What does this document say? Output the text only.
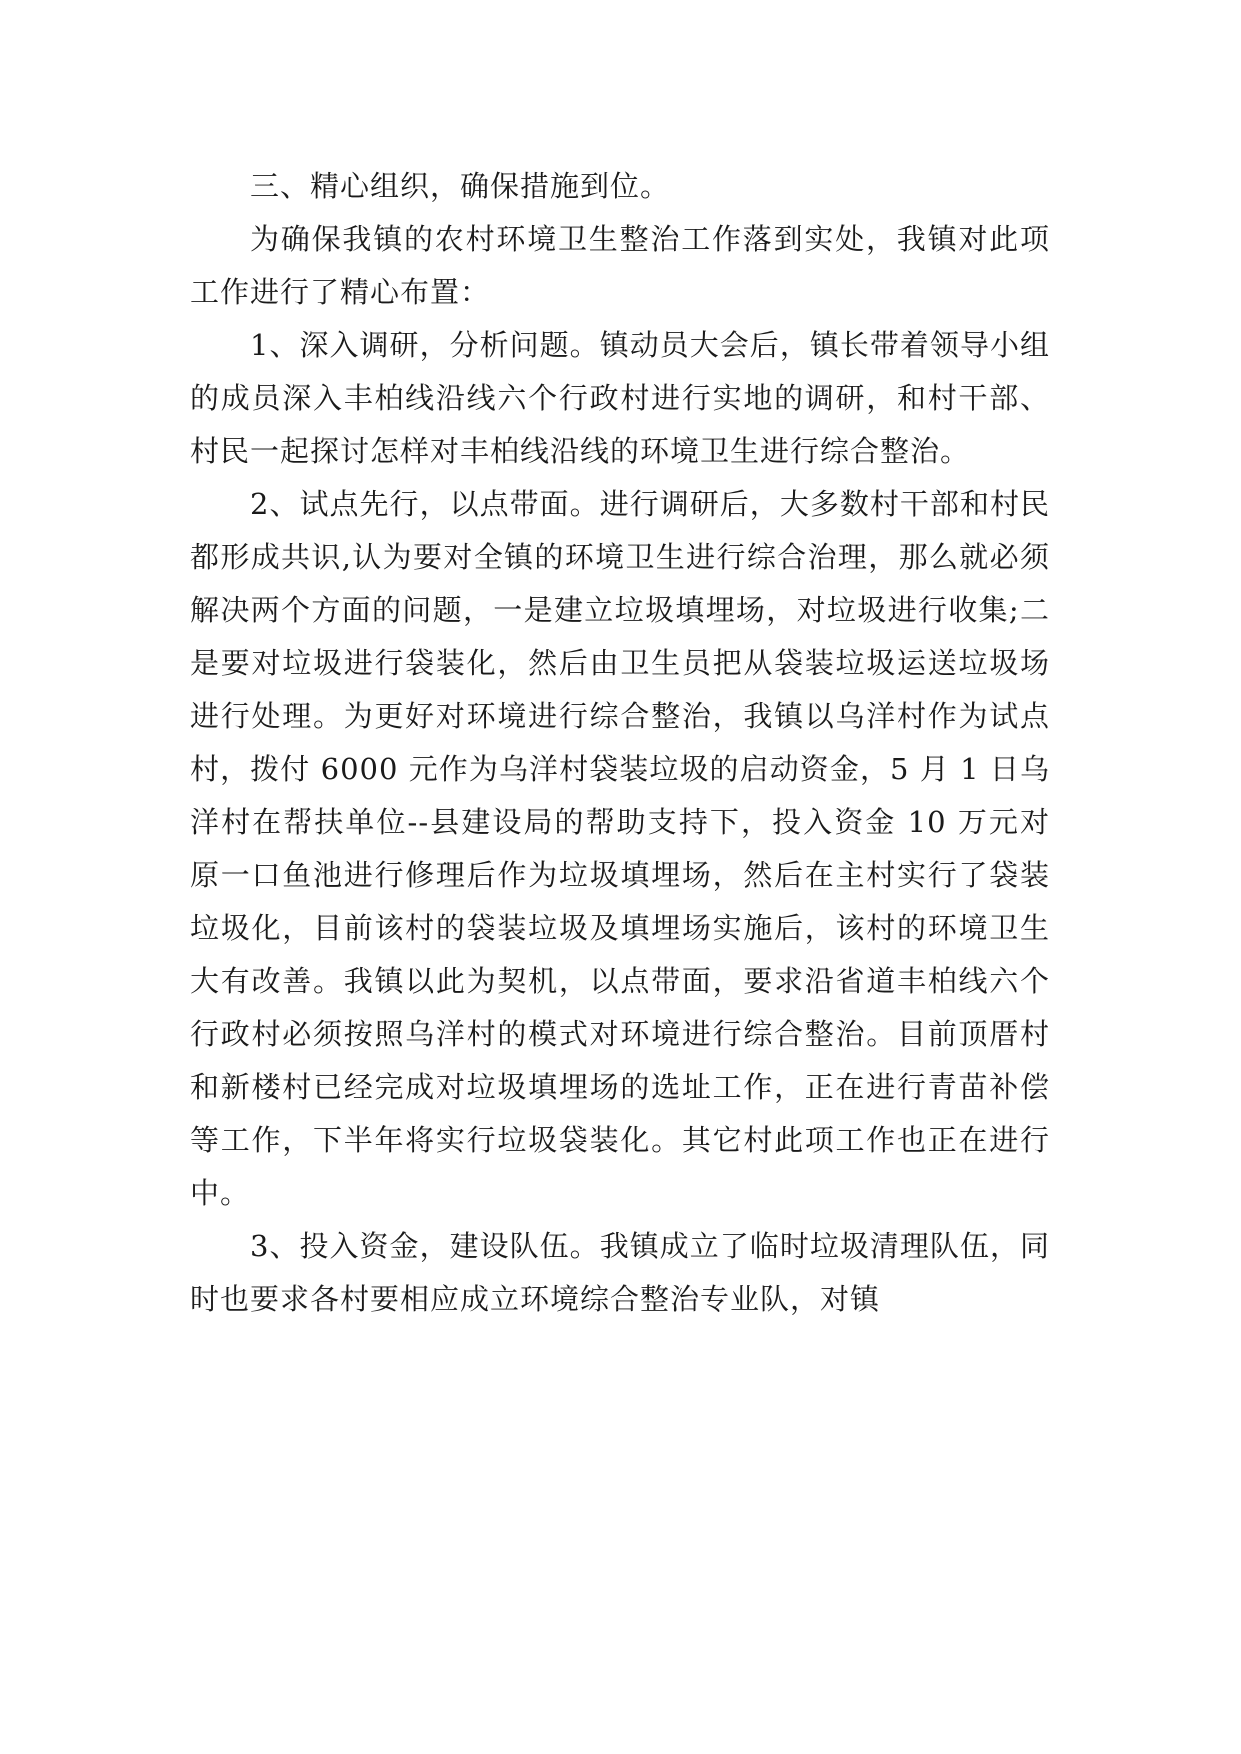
三、精心组织，确保措施到位。

为确保我镇的农村环境卫生整治工作落到实处，我镇对此项工作进行了精心布置：

1、深入调研，分析问题。镇动员大会后，镇长带着领导小组的成员深入丰柏线沿线六个行政村进行实地的调研，和村干部、村民一起探讨怎样对丰柏线沿线的环境卫生进行综合整治。

2、试点先行，以点带面。进行调研后，大多数村干部和村民都形成共识,认为要对全镇的环境卫生进行综合治理，那么就必须解决两个方面的问题，一是建立垃圾填埋场，对垃圾进行收集;二是要对垃圾进行袋装化，然后由卫生员把从袋装垃圾运送垃圾场进行处理。为更好对环境进行综合整治，我镇以乌洋村作为试点村，拨付 6000 元作为乌洋村袋装垃圾的启动资金，5 月 1 日乌洋村在帮扶单位--县建设局的帮助支持下，投入资金 10 万元对原一口鱼池进行修理后作为垃圾填埋场，然后在主村实行了袋装垃圾化，目前该村的袋装垃圾及填埋场实施后，该村的环境卫生大有改善。我镇以此为契机，以点带面，要求沿省道丰柏线六个行政村必须按照乌洋村的模式对环境进行综合整治。目前顶厝村和新楼村已经完成对垃圾填埋场的选址工作，正在进行青苗补偿等工作，下半年将实行垃圾袋装化。其它村此项工作也正在进行中。

3、投入资金，建设队伍。我镇成立了临时垃圾清理队伍，同时也要求各村要相应成立环境综合整治专业队，对镇
